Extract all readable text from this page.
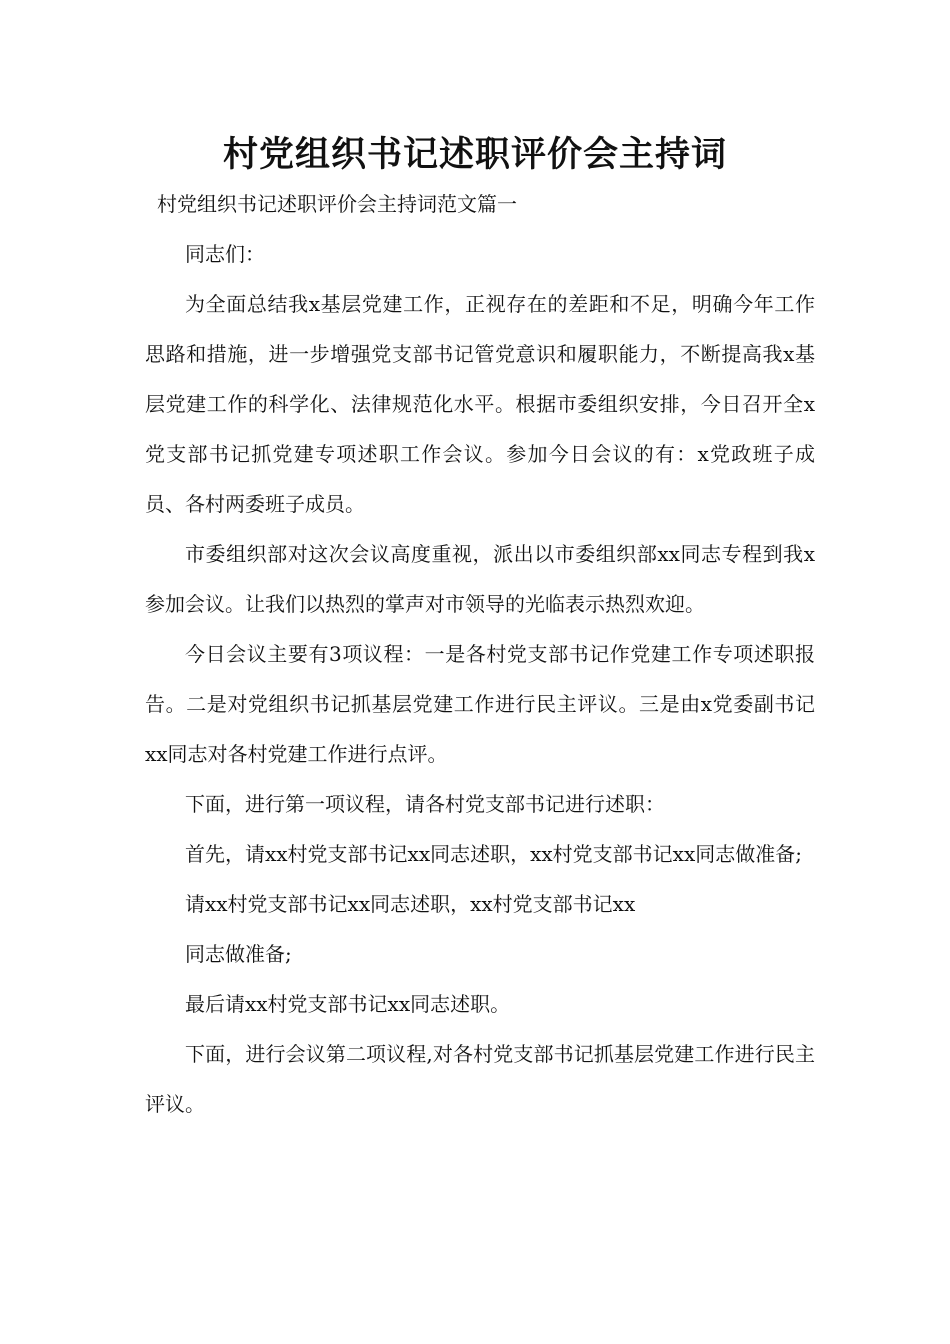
村党组织书记述职评价会主持词

村党组织书记述职评价会主持词范文篇一

同志们：

为全面总结我x基层党建工作，正视存在的差距和不足，明确今年工作思路和措施，进一步增强党支部书记管党意识和履职能力，不断提高我x基层党建工作的科学化、法律规范化水平。根据市委组织安排，今日召开全x党支部书记抓党建专项述职工作会议。参加今日会议的有：x党政班子成员、各村两委班子成员。

市委组织部对这次会议高度重视，派出以市委组织部xx同志专程到我x参加会议。让我们以热烈的掌声对市领导的光临表示热烈欢迎。

今日会议主要有3项议程：一是各村党支部书记作党建工作专项述职报告。二是对党组织书记抓基层党建工作进行民主评议。三是由x党委副书记xx同志对各村党建工作进行点评。

下面，进行第一项议程，请各村党支部书记进行述职：

首先，请xx村党支部书记xx同志述职，xx村党支部书记xx同志做准备;

请xx村党支部书记xx同志述职，xx村党支部书记xx

同志做准备;

最后请xx村党支部书记xx同志述职。

下面，进行会议第二项议程,对各村党支部书记抓基层党建工作进行民主评议。
